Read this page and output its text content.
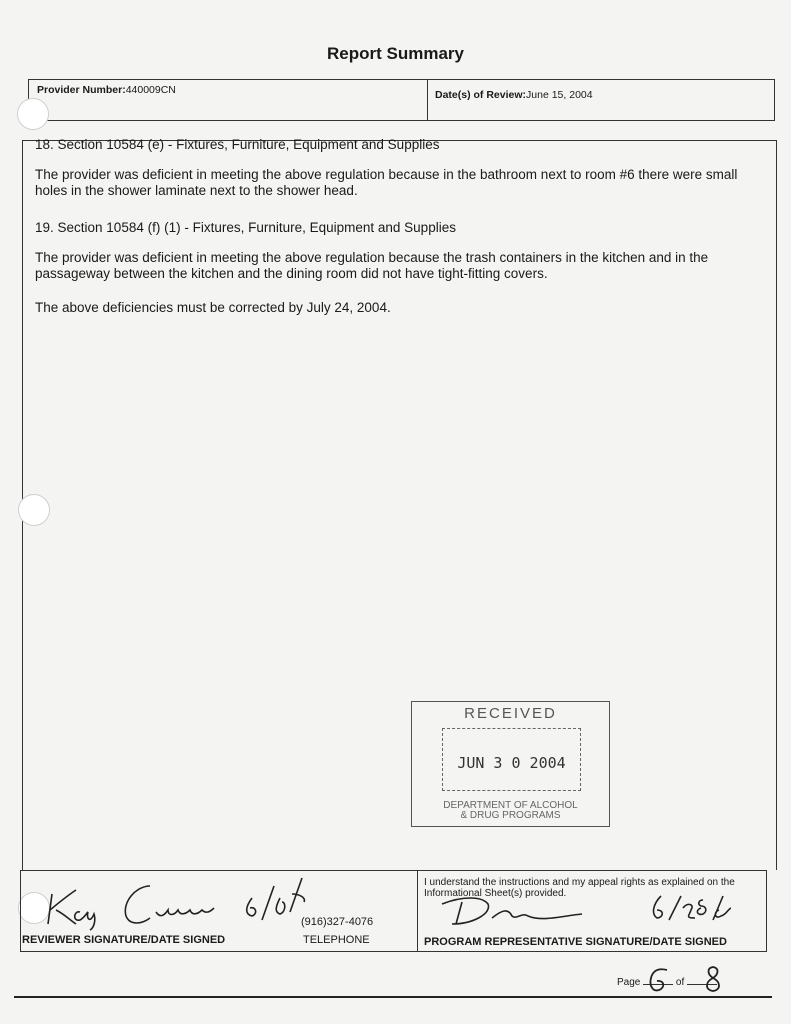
Report Summary
Provider Number:440009CN	Date(s) of Review:June 15, 2004
18. Section 10584 (e) - Fixtures, Furniture, Equipment and Supplies
The provider was deficient in meeting the above regulation because in the bathroom next to room #6 there were small holes in the shower laminate next to the shower head.
19. Section 10584 (f) (1) - Fixtures, Furniture, Equipment and Supplies
The provider was deficient in meeting the above regulation because the trash containers in the kitchen and in the passageway between the kitchen and the dining room did not have tight-fitting covers.
The above deficiencies must be corrected by July 24, 2004.
RECEIVED
JUN 3 0 2004
DEPARTMENT OF ALCOHOL
& DRUG PROGRAMS
(916)327-4076
REVIEWER SIGNATURE/DATE SIGNED	TELEPHONE
I understand the instructions and my appeal rights as explained on the Informational Sheet(s) provided.
PROGRAM REPRESENTATIVE SIGNATURE/DATE SIGNED
Page	of
